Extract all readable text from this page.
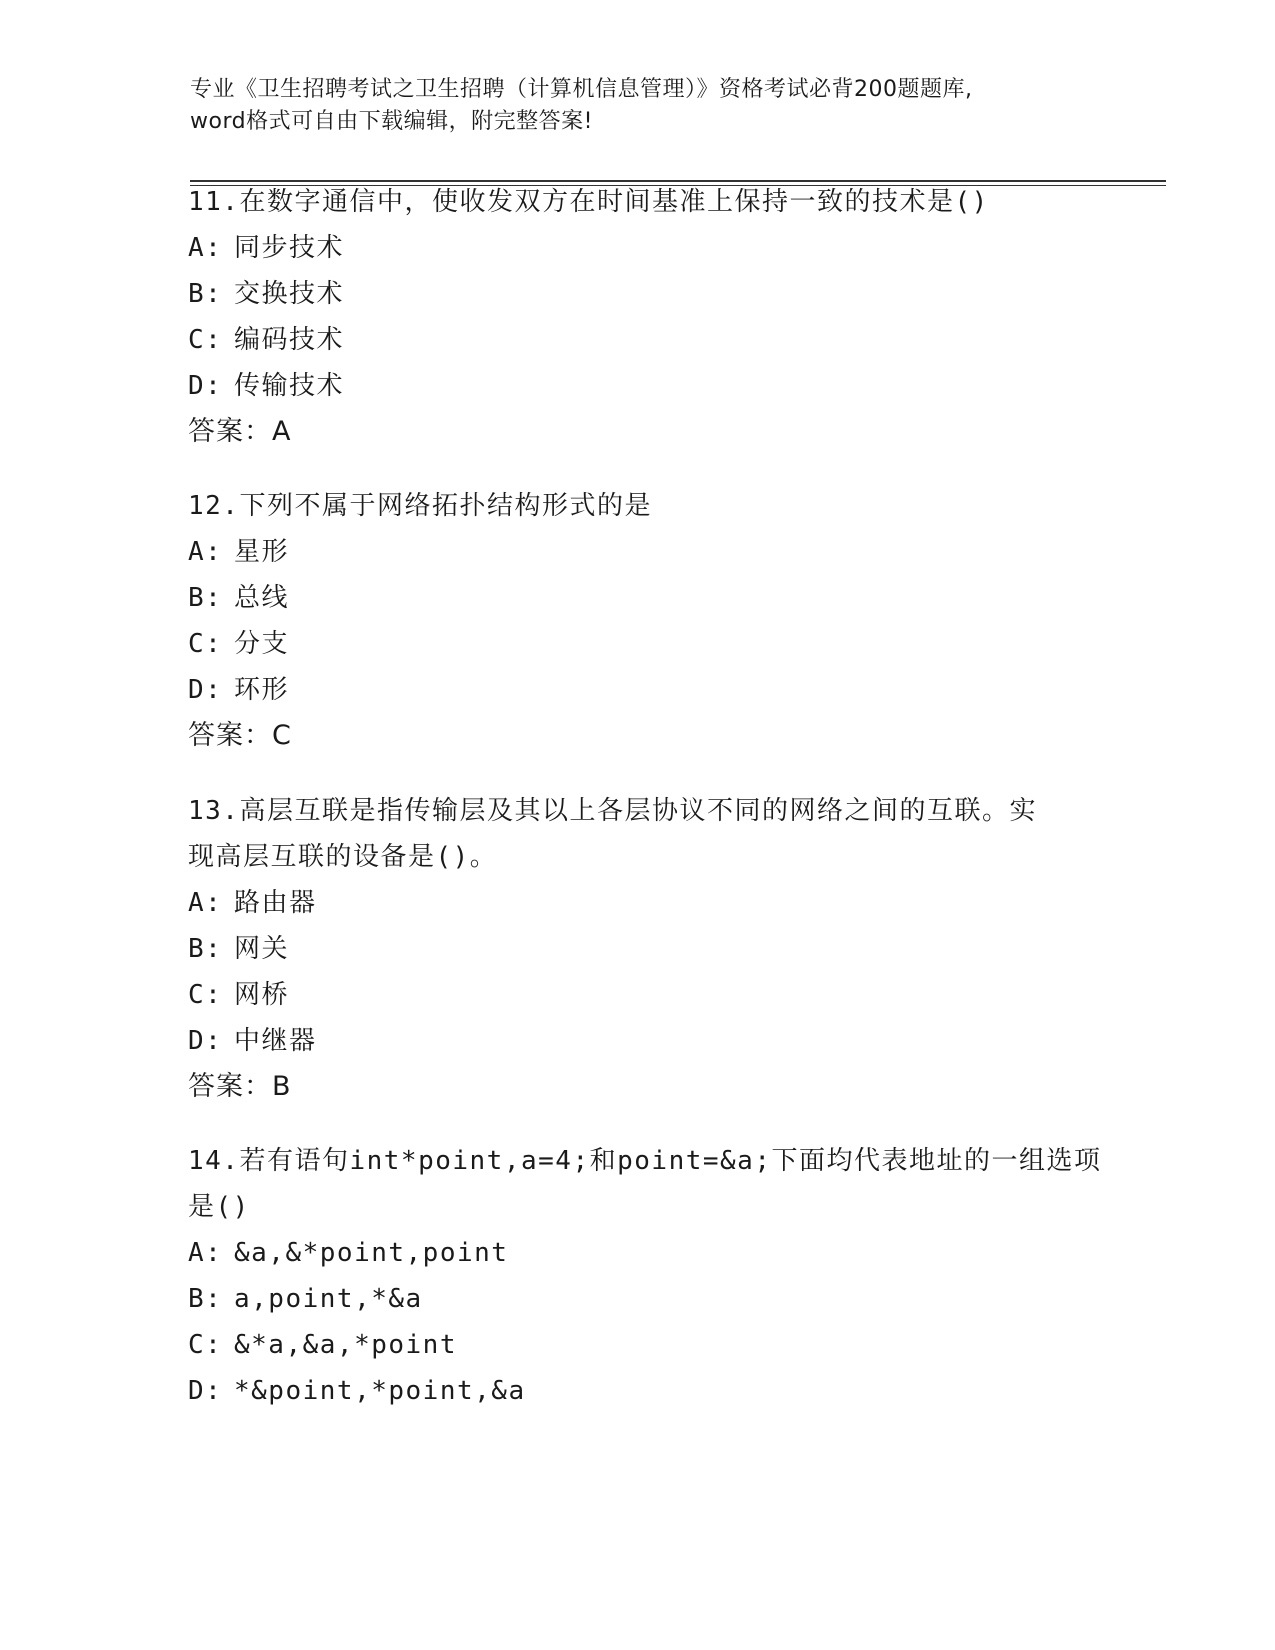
专业《卫生招聘考试之卫生招聘（计算机信息管理）》资格考试必背200题题库,
word格式可自由下载编辑，附完整答案!
11.在数字通信中，使收发双方在时间基准上保持一致的技术是()
A: 同步技术
B: 交换技术
C: 编码技术
D: 传输技术
答案：A
12.下列不属于网络拓扑结构形式的是
A: 星形
B: 总线
C: 分支
D: 环形
答案：C
13.高层互联是指传输层及其以上各层协议不同的网络之间的互联。实
现高层互联的设备是()。
A: 路由器
B: 网关
C: 网桥
D: 中继器
答案：B
14.若有语句int*point,a=4;和point=&a;下面均代表地址的一组选项
是()
A: &a,&*point,point
B: a,point,*&a
C: &*a,&a,*point
D: *&point,*point,&a
